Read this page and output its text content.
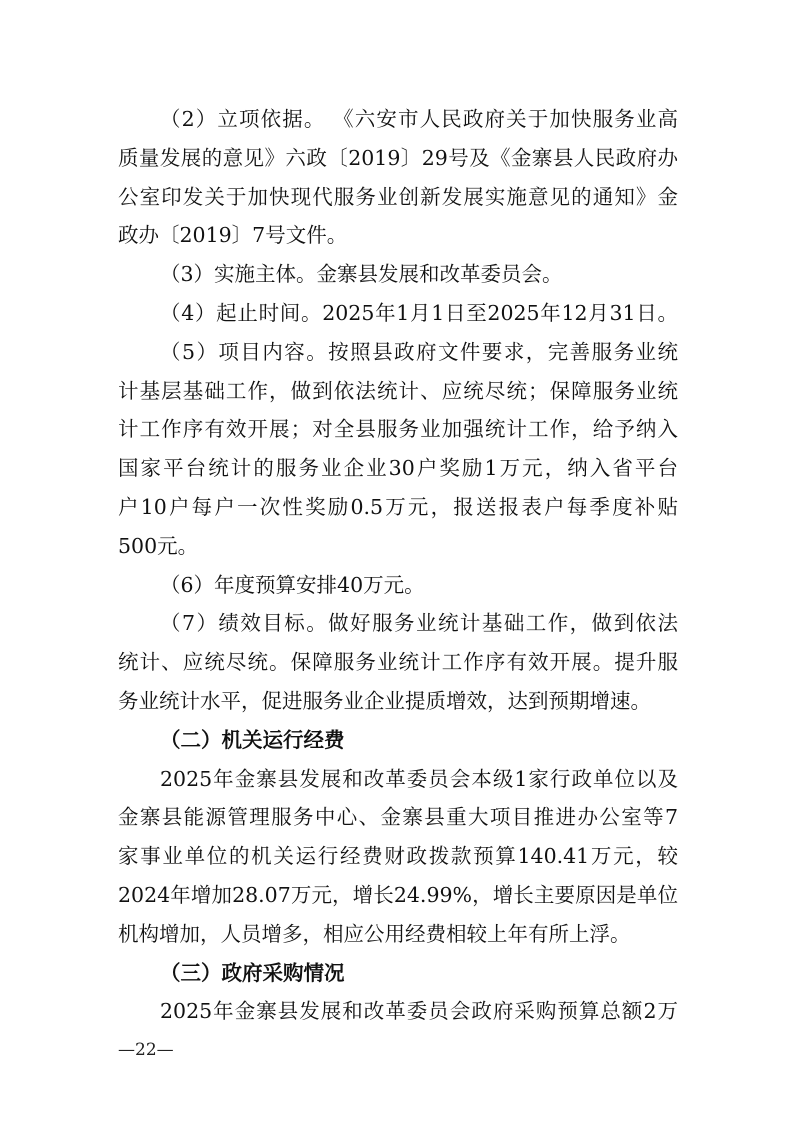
（2）立项依据。 《六安市人民政府关于加快服务业高
质量发展的意见》六政〔2019〕29号及《金寨县人民政府办
公室印发关于加快现代服务业创新发展实施意见的通知》金
政办〔2019〕7号文件。
（3）实施主体。金寨县发展和改革委员会。
（4）起止时间。2025年1月1日至2025年12月31日。
（5）项目内容。按照县政府文件要求，完善服务业统
计基层基础工作，做到依法统计、应统尽统；保障服务业统
计工作序有效开展；对全县服务业加强统计工作，给予纳入
国家平台统计的服务业企业30户奖励1万元，纳入省平台
户10户每户一次性奖励0.5万元，报送报表户每季度补贴
500元。
（6）年度预算安排40万元。
（7）绩效目标。做好服务业统计基础工作，做到依法
统计、应统尽统。保障服务业统计工作序有效开展。提升服
务业统计水平，促进服务业企业提质增效，达到预期增速。
（二）机关运行经费
2025年金寨县发展和改革委员会本级1家行政单位以及
金寨县能源管理服务中心、金寨县重大项目推进办公室等7
家事业单位的机关运行经费财政拨款预算140.41万元，较
2024年增加28.07万元，增长24.99%，增长主要原因是单位
机构增加，人员增多，相应公用经费相较上年有所上浮。
（三）政府采购情况
2025年金寨县发展和改革委员会政府采购预算总额2万
—22—
